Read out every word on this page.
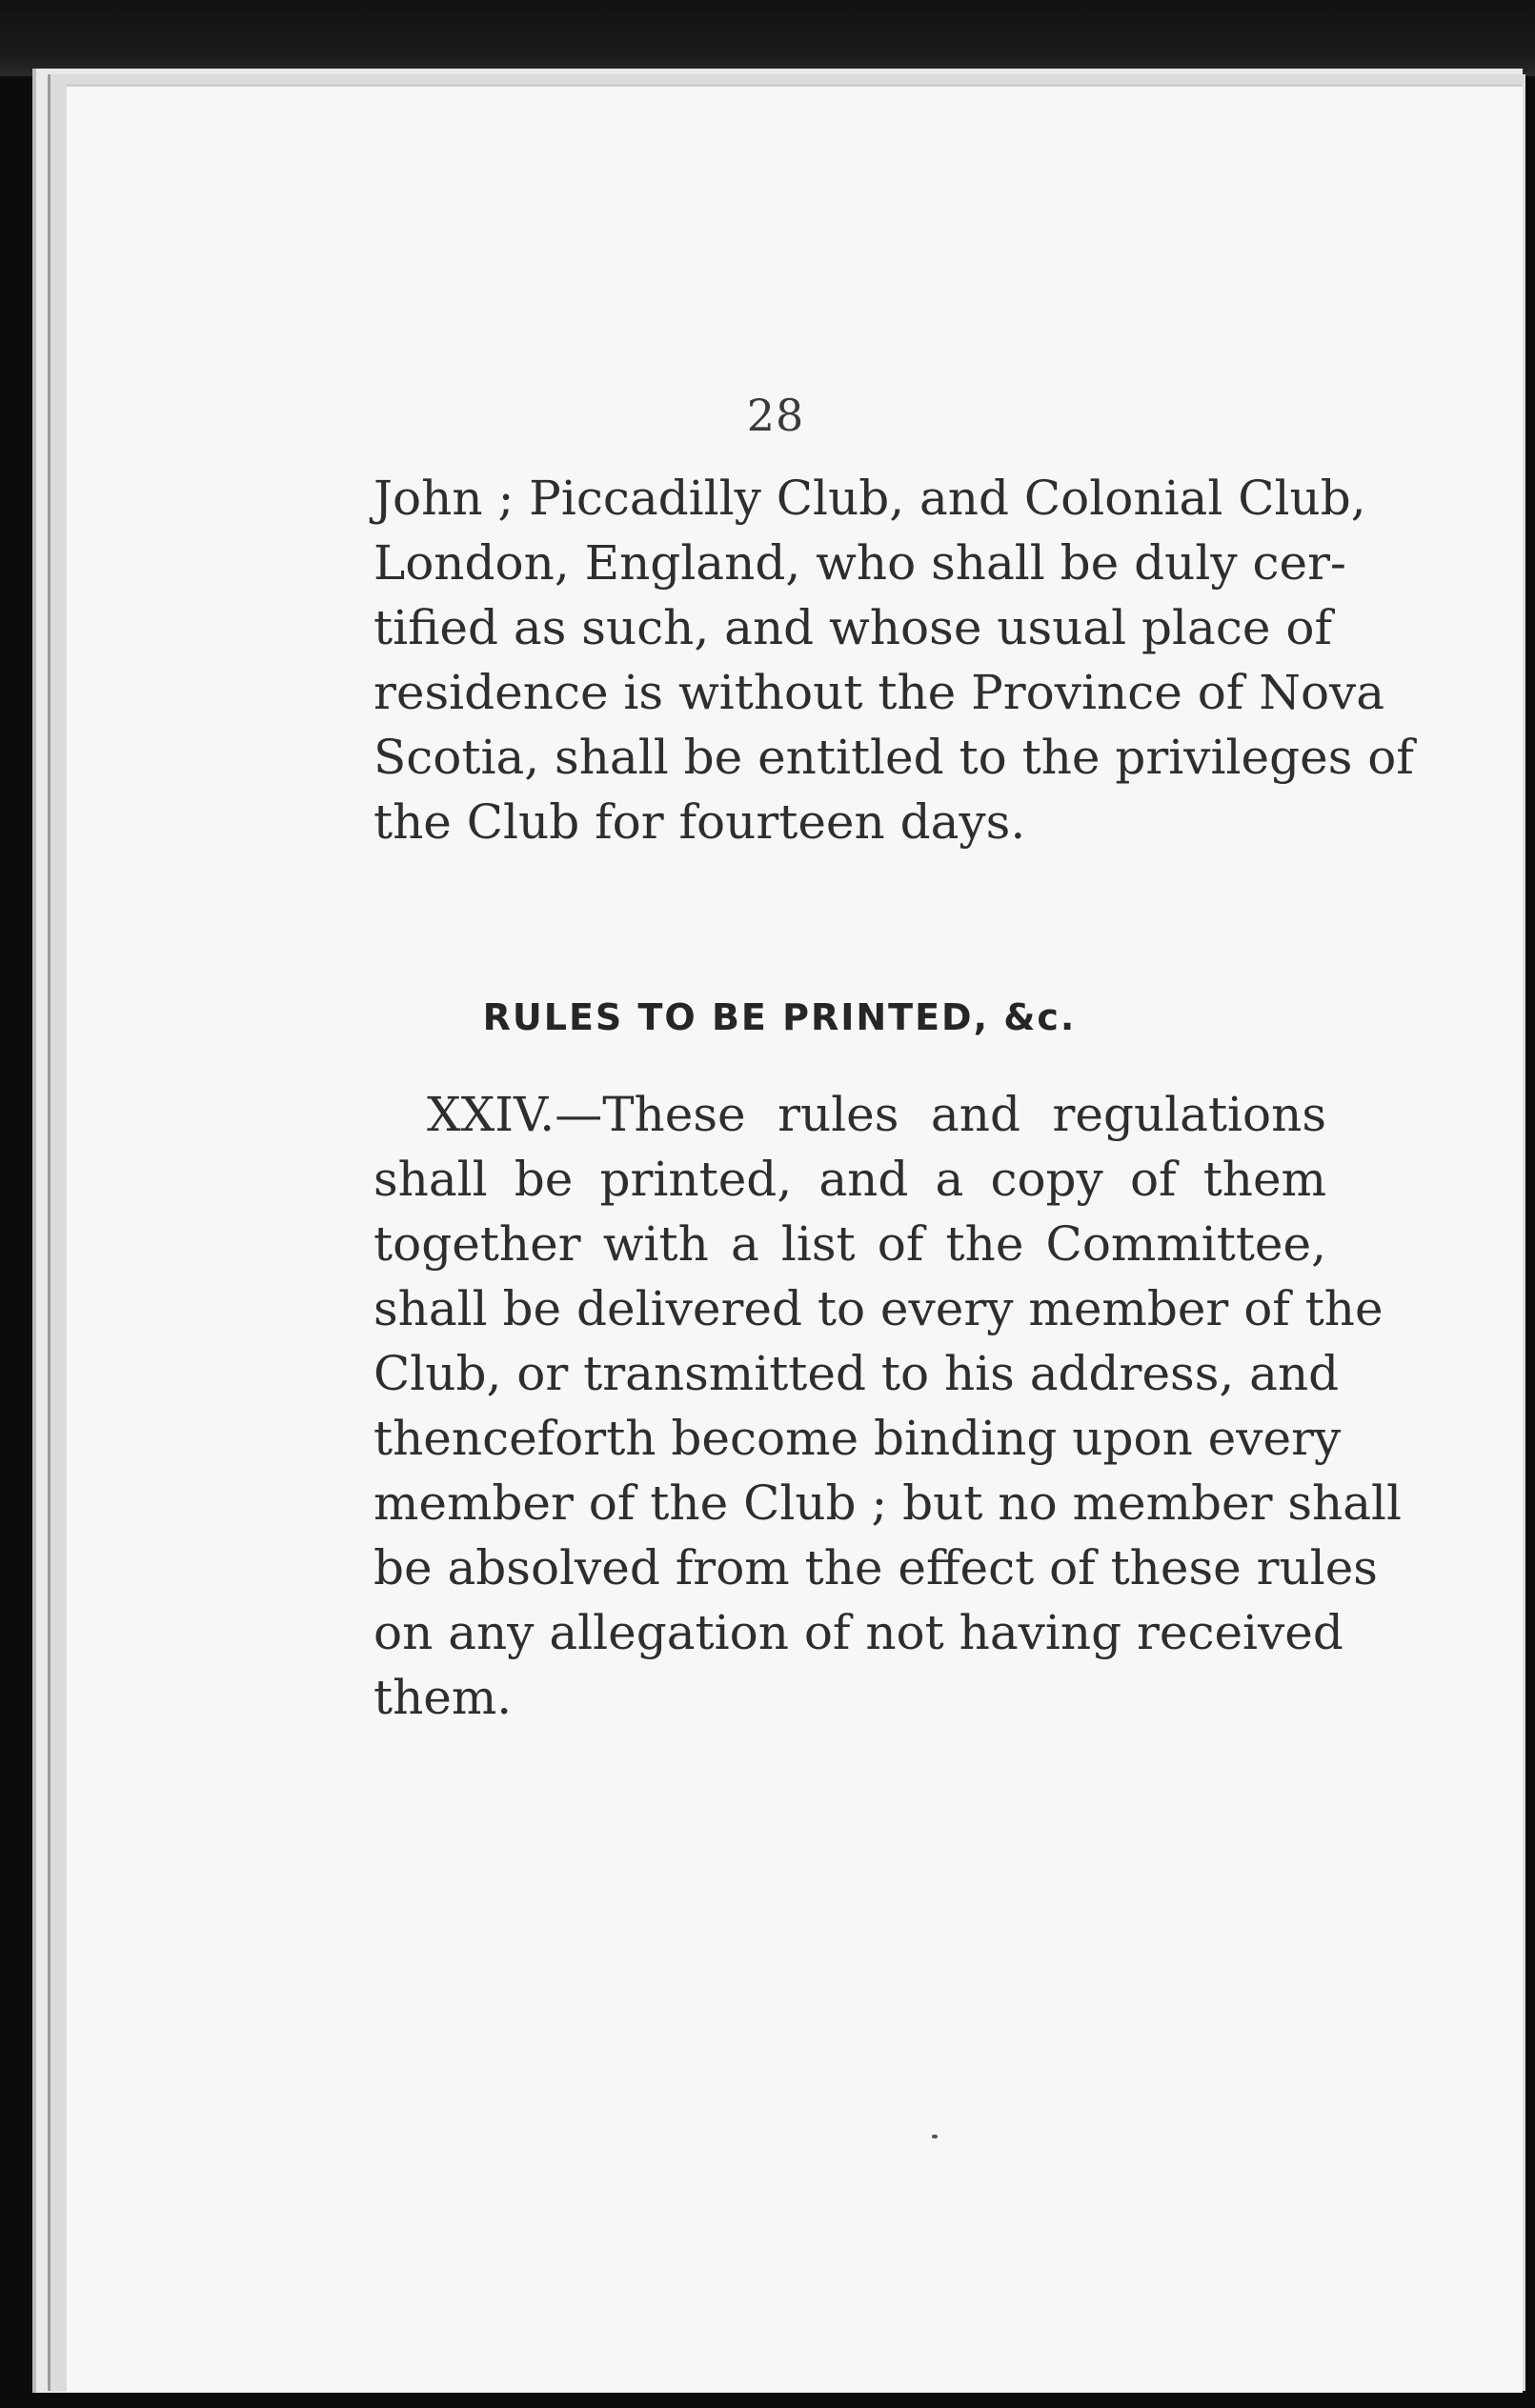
28
John ; Piccadilly Club, and Colonial Club,
London, England, who shall be duly cer-
tified as such, and whose usual place of
residence is without the Province of Nova
Scotia, shall be entitled to the privileges of
the Club for fourteen days.
RULES TO BE PRINTED, &c.
XXIV.—These rules and regulations
shall be printed, and a copy of them
together with a list of the Committee,
shall be delivered to every member of the
Club, or transmitted to his address, and
thenceforth become binding upon every
member of the Club ; but no member shall
be absolved from the effect of these rules
on any allegation of not having received
them.
